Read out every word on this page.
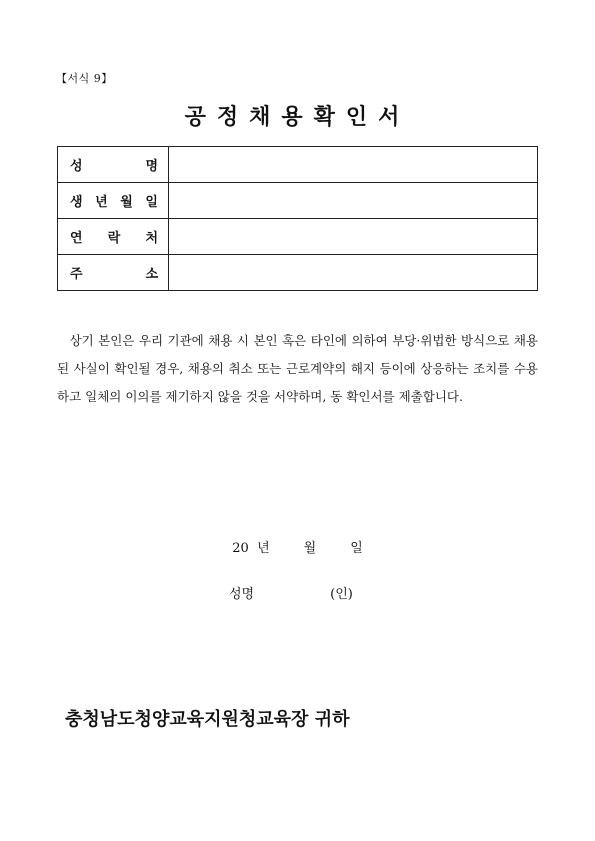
【서식 9】
공정채용확인서
성 명	

생 년 월 일	

연 락 처	

주 소	

 상기 본인은 우리 기관에 채용 시 본인 혹은 타인에 의하여 부당·위법한 방식으로 채용된 사실이 확인될 경우, 채용의 취소 또는 근로계약의 해지 등이에 상응하는 조치를 수용하고 일체의 이의를 제기하지 않을 것을 서약하며, 동 확인서를 제출합니다.
20 년	월	일
성명	(인)
충청남도청양교육지원청교육장 귀하
